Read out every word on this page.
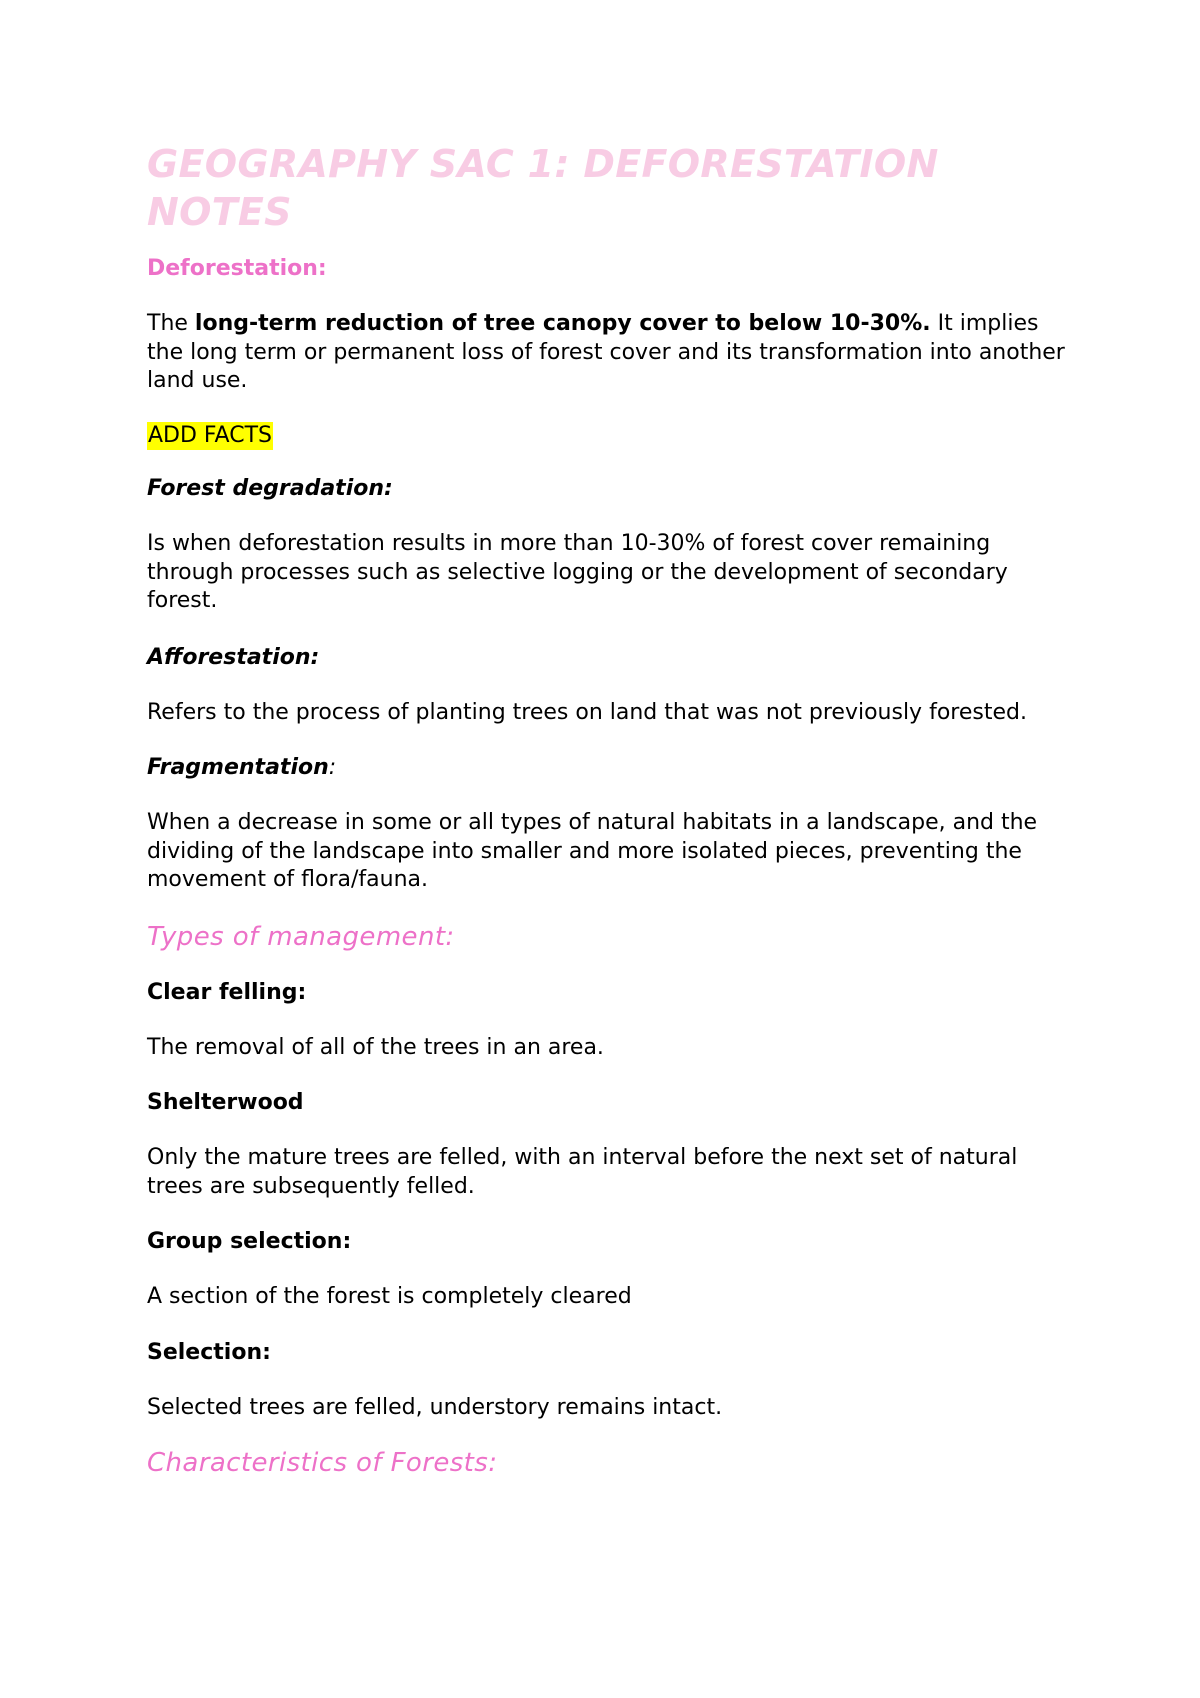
GEOGRAPHY SAC 1: DEFORESTATION
NOTES
Deforestation:

The long-term reduction of tree canopy cover to below 10-30%. It implies the long term or permanent loss of forest cover and its transformation into another land use.

ADD FACTS

Forest degradation:

Is when deforestation results in more than 10-30% of forest cover remaining through processes such as selective logging or the development of secondary forest.

Afforestation:

Refers to the process of planting trees on land that was not previously forested.

Fragmentation:

When a decrease in some or all types of natural habitats in a landscape, and the dividing of the landscape into smaller and more isolated pieces, preventing the movement of flora/fauna.

Types of management:
Clear felling:

The removal of all of the trees in an area.

Shelterwood

Only the mature trees are felled, with an interval before the next set of natural trees are subsequently felled.

Group selection:

A section of the forest is completely cleared

Selection:

Selected trees are felled, understory remains intact.

Characteristics of Forests:
